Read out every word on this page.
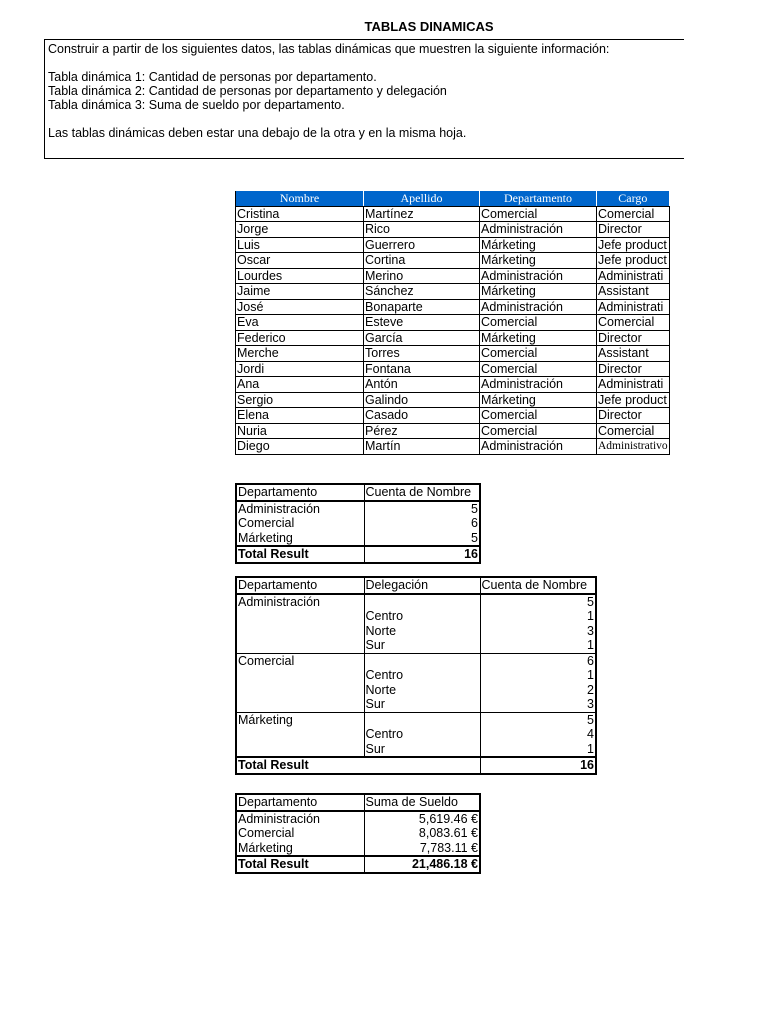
TABLAS DINAMICAS

Construir a partir de los siguientes datos, las tablas dinámicas que muestren la siguiente información:

Tabla dinámica 1: Cantidad de personas por departamento.

Tabla dinámica 2: Cantidad de personas por departamento y delegación

Tabla dinámica 3: Suma de sueldo por departamento.

Las tablas dinámicas deben estar una debajo de la otra y en la misma hoja.

Nombre	Apellido	Departamento	Cargo
Cristina	Martínez	Comercial	Comercial
Jorge	Rico	Administración	Director
Luis	Guerrero	Márketing	Jefe product
Oscar	Cortina	Márketing	Jefe product
Lourdes	Merino	Administración	Administrati
Jaime	Sánchez	Márketing	Assistant
José	Bonaparte	Administración	Administrati
Eva	Esteve	Comercial	Comercial
Federico	García	Márketing	Director
Merche	Torres	Comercial	Assistant
Jordi	Fontana	Comercial	Director
Ana	Antón	Administración	Administrati
Sergio	Galindo	Márketing	Jefe product
Elena	Casado	Comercial	Director
Nuria	Pérez	Comercial	Comercial
Diego	Martín	Administración	Administrativo
Departamento	Cuenta de Nombre
Administración	5
Comercial	6
Márketing	5
Total Result	16
Departamento	Delegación	Cuenta de Nombre
Administración		5
	Centro	1
	Norte	3
	Sur	1
Comercial		6
	Centro	1
	Norte	2
	Sur	3
Márketing		5
	Centro	4
	Sur	1
Total Result		16
Departamento	Suma de Sueldo
Administración	5,619.46 €
Comercial	8,083.61 €
Márketing	7,783.11 €
Total Result	21,486.18 €
